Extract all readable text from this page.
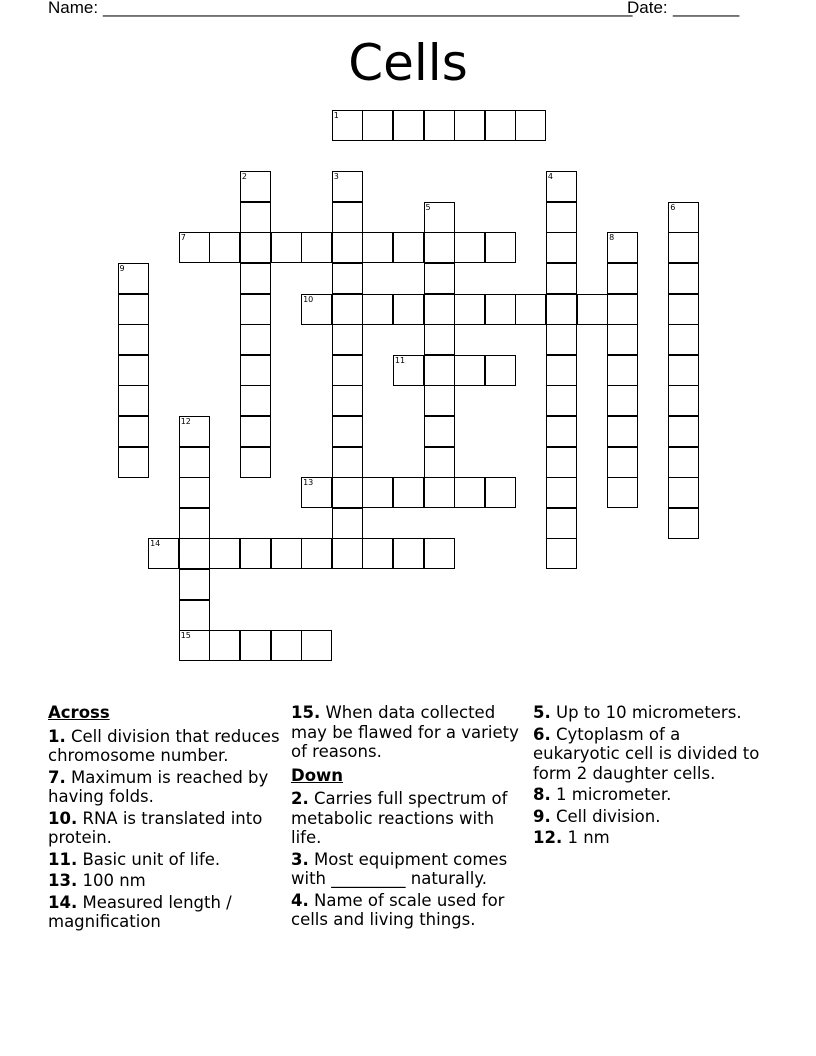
Name: ________________________________________________________
Date: _______
Cells
1
2	3	4
5	6
7	8
9
10
11
12
15
13
14
Across
1. Cell division that reduces chromosome number.
7. Maximum is reached by having folds.
10. RNA is translated into protein.
11. Basic unit of life.
13. 100 nm
14. Measured length / magnification
15. When data collected may be flawed for a variety of reasons.
Down
2. Carries full spectrum of metabolic reactions with life.
3. Most equipment comes with _________ naturally.
4. Name of scale used for cells and living things.
5. Up to 10 micrometers.
6. Cytoplasm of a eukaryotic cell is divided to form 2 daughter cells.
8. 1 micrometer.
9. Cell division.
12. 1 nm
